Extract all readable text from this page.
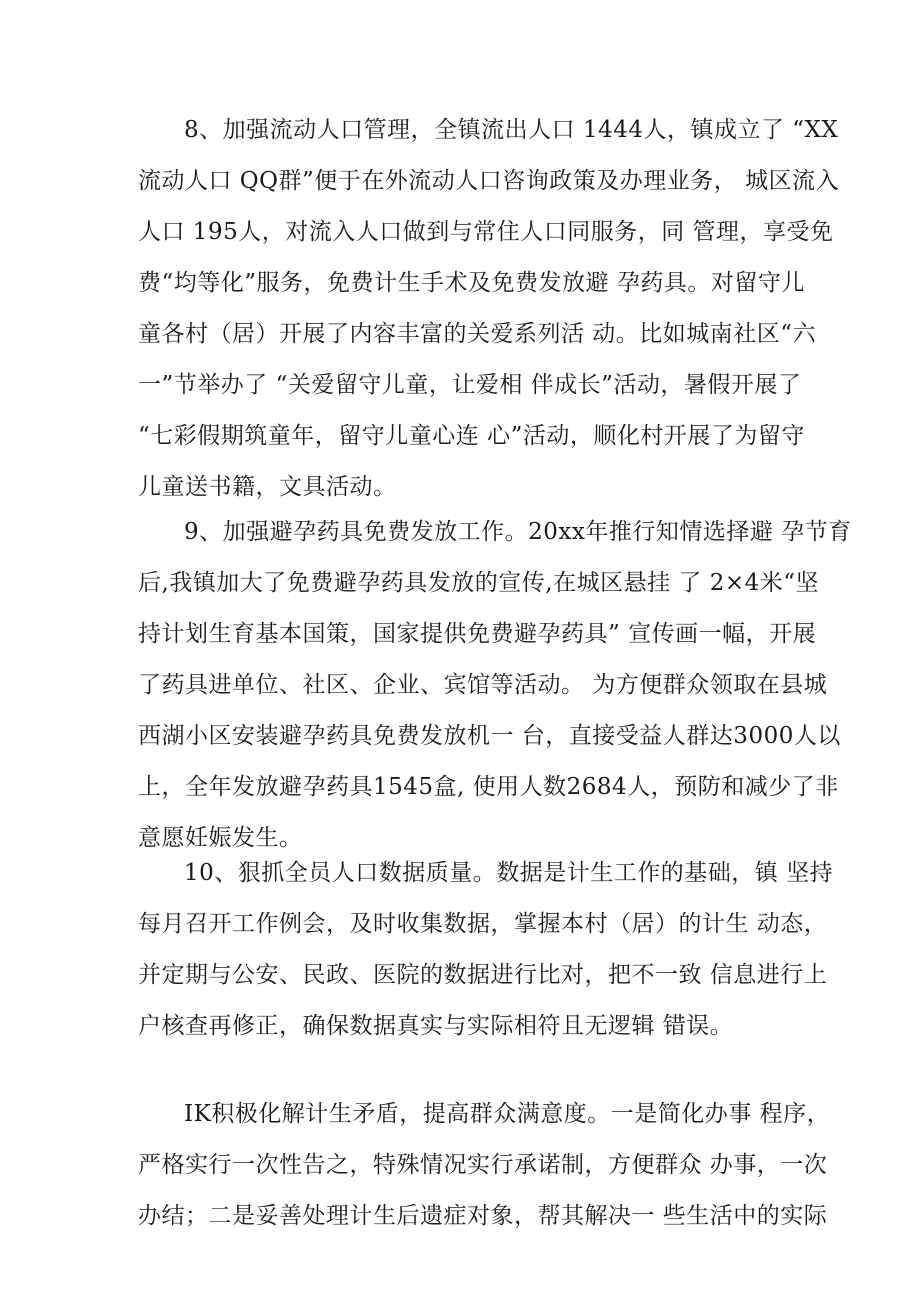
8、加强流动人口管理，全镇流出人口 1444人，镇成立了 “XX
流动人口 QQ群”便于在外流动人口咨询政策及办理业务， 城区流入
人口 195人，对流入人口做到与常住人口同服务，同 管理，享受免
费“均等化”服务，免费计生手术及免费发放避 孕药具。对留守儿
童各村（居）开展了内容丰富的关爱系列活 动。比如城南社区“六
一”节举办了 “关爱留守儿童，让爱相 伴成长”活动，暑假开展了
“七彩假期筑童年，留守儿童心连 心”活动，顺化村开展了为留守
儿童送书籍，文具活动。
9、加强避孕药具免费发放工作。20xx年推行知情选择避 孕节育
后,我镇加大了免费避孕药具发放的宣传,在城区悬挂 了 2×4米“坚
持计划生育基本国策，国家提供免费避孕药具” 宣传画一幅，开展
了药具进单位、社区、企业、宾馆等活动。 为方便群众领取在县城
西湖小区安装避孕药具免费发放机一 台，直接受益人群达3000人以
上，全年发放避孕药具1545盒, 使用人数2684人，预防和减少了非
意愿妊娠发生。
10、狠抓全员人口数据质量。数据是计生工作的基础，镇 坚持
每月召开工作例会，及时收集数据，掌握本村（居）的计生 动态，
并定期与公安、民政、医院的数据进行比对，把不一致 信息进行上
户核查再修正，确保数据真实与实际相符且无逻辑 错误。
IK积极化解计生矛盾，提高群众满意度。一是简化办事 程序，
严格实行一次性告之，特殊情况实行承诺制，方便群众 办事，一次
办结；二是妥善处理计生后遗症对象，帮其解决一 些生活中的实际
